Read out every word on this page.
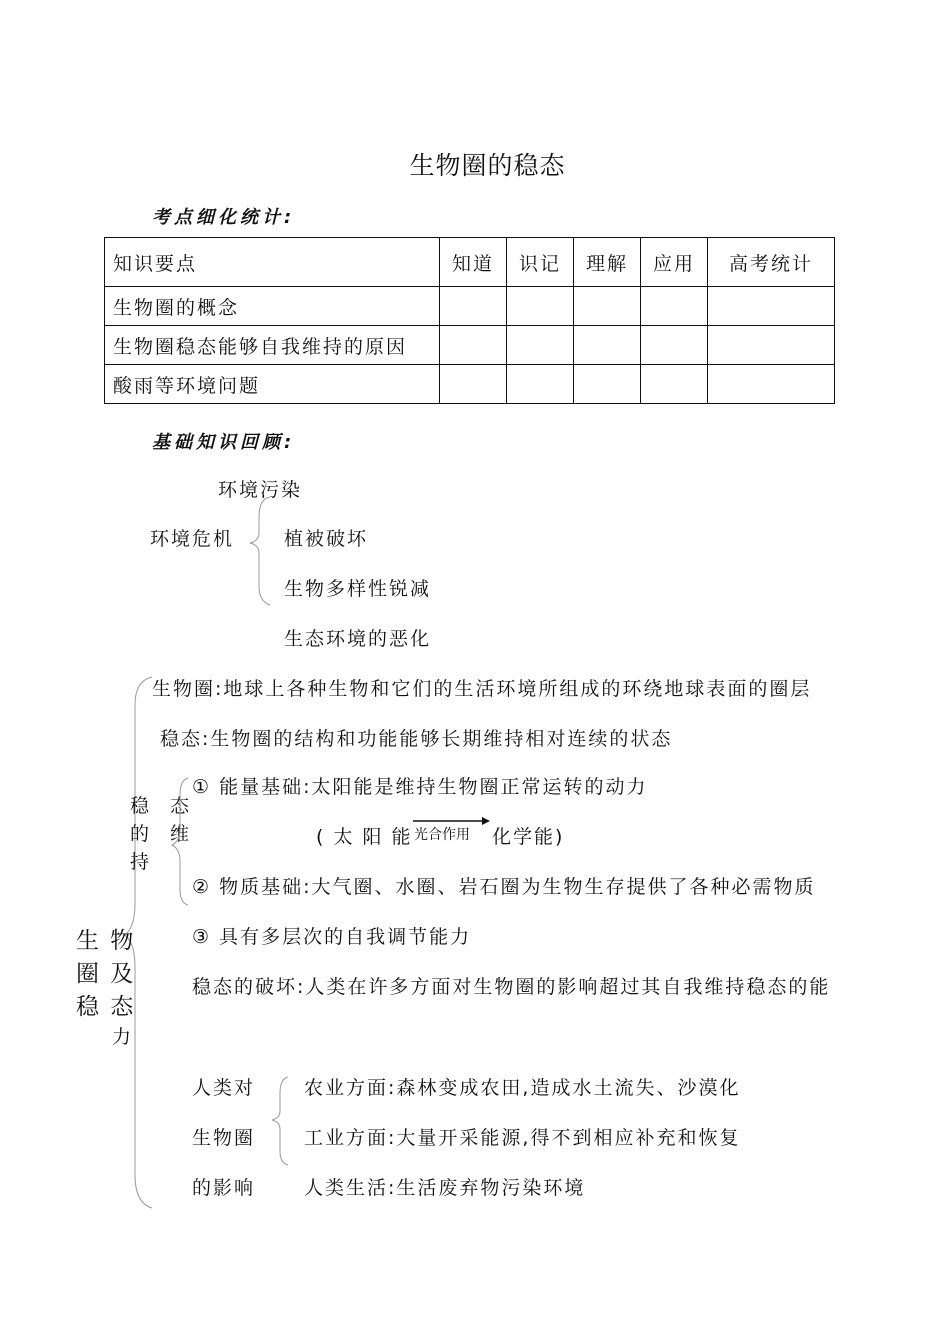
生物圈的稳态
考点细化统计:
知识要点	知道	识记	理解	应用	高考统计
生物圈的概念					
生物圈稳态能够自我维持的原因					
酸雨等环境问题					
基础知识回顾:
环境污染
环境危机	植被破坏
生物多样性锐减
生态环境的恶化
生 物
圈 及
稳 态
生物圈:地球上各种生物和它们的生活环境所组成的环绕地球表面的圈层
稳态:生物圈的结构和功能能够长期维持相对连续的状态
稳
的
持
态
维
① 能量基础:太阳能是维持生物圈正常运转的动力
( 太 阳 能 光合作用 化学能)
② 物质基础:大气圈、水圈、岩石圈为生物生存提供了各种必需物质
③ 具有多层次的自我调节能力
稳态的破坏:人类在许多方面对生物圈的影响超过其自我维持稳态的能
力
人类对
生物圈
的影响
农业方面:森林变成农田,造成水土流失、沙漠化
工业方面:大量开采能源,得不到相应补充和恢复
人类生活:生活废弃物污染环境
